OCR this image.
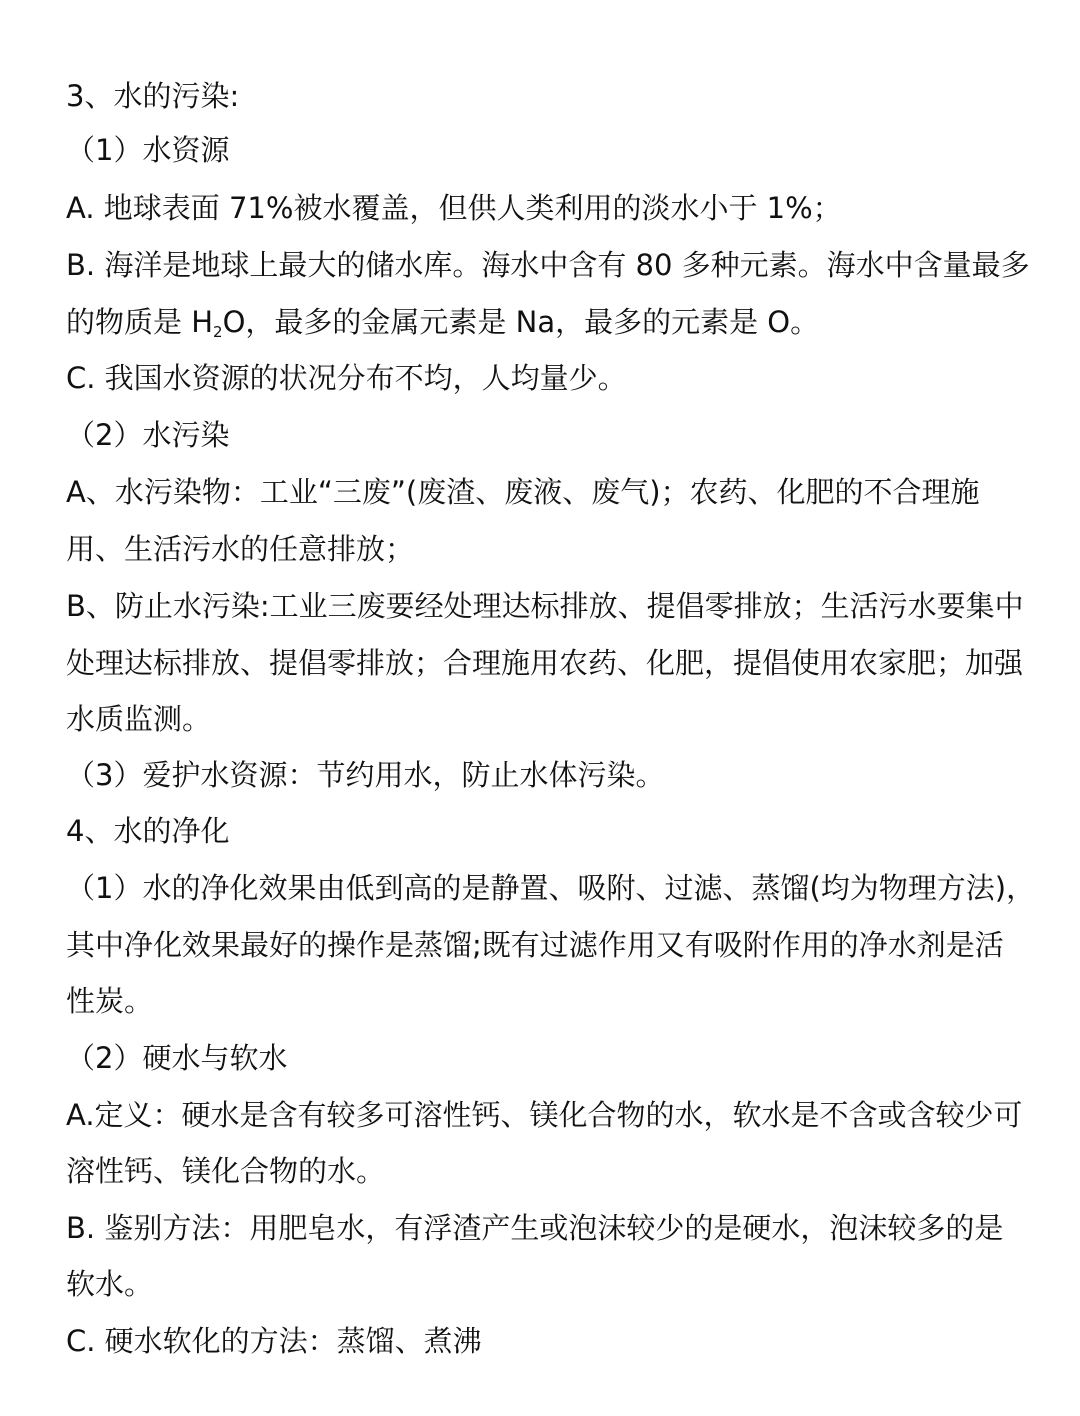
3、水的污染:
（1）水资源
A. 地球表面 71%被水覆盖，但供人类利用的淡水小于 1%；
B. 海洋是地球上最大的储水库。海水中含有 80 多种元素。海水中含量最多
的物质是 $H_2O$，最多的金属元素是 Na，最多的元素是 O。
C. 我国水资源的状况分布不均，人均量少。
（2）水污染
A、水污染物：工业“三废”(废渣、废液、废气)；农药、化肥的不合理施
用、生活污水的任意排放；
B、防止水污染:工业三废要经处理达标排放、提倡零排放；生活污水要集中
处理达标排放、提倡零排放；合理施用农药、化肥，提倡使用农家肥；加强
水质监测。
（3）爱护水资源：节约用水，防止水体污染。
4、水的净化
（1）水的净化效果由低到高的是静置、吸附、过滤、蒸馏(均为物理方法)，
其中净化效果最好的操作是蒸馏;既有过滤作用又有吸附作用的净水剂是活
性炭。
（2）硬水与软水
A.定义：硬水是含有较多可溶性钙、镁化合物的水，软水是不含或含较少可
溶性钙、镁化合物的水。
B. 鉴别方法：用肥皂水，有浮渣产生或泡沫较少的是硬水，泡沫较多的是
软水。
C. 硬水软化的方法：蒸馏、煮沸
